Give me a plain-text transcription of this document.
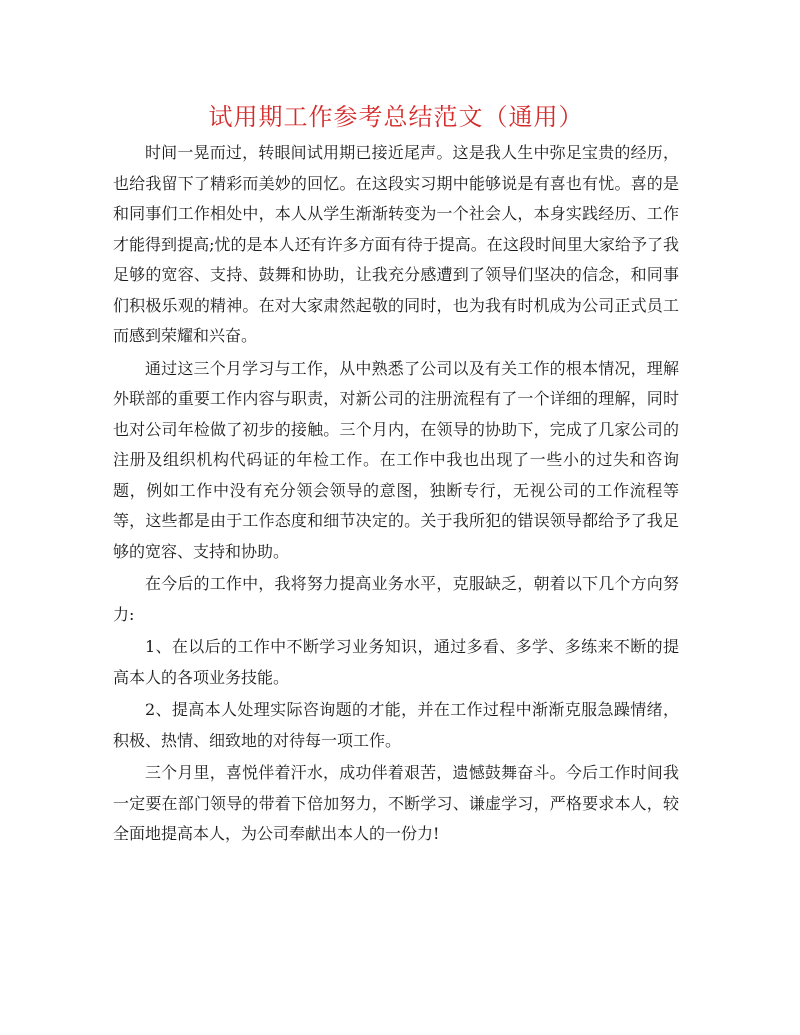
试用期工作参考总结范文（通用）

时间一晃而过，转眼间试用期已接近尾声。这是我人生中弥足宝贵的经历，也给我留下了精彩而美妙的回忆。在这段实习期中能够说是有喜也有忧。喜的是和同事们工作相处中，本人从学生渐渐转变为一个社会人，本身实践经历、工作才能得到提高;忧的是本人还有许多方面有待于提高。在这段时间里大家给予了我足够的宽容、支持、鼓舞和协助，让我充分感遭到了领导们坚决的信念，和同事们积极乐观的精神。在对大家肃然起敬的同时，也为我有时机成为公司正式员工而感到荣耀和兴奋。

通过这三个月学习与工作，从中熟悉了公司以及有关工作的根本情况，理解外联部的重要工作内容与职责，对新公司的注册流程有了一个详细的理解，同时也对公司年检做了初步的接触。三个月内，在领导的协助下，完成了几家公司的注册及组织机构代码证的年检工作。在工作中我也出现了一些小的过失和咨询题，例如工作中没有充分领会领导的意图，独断专行，无视公司的工作流程等等，这些都是由于工作态度和细节决定的。关于我所犯的错误领导都给予了我足够的宽容、支持和协助。

在今后的工作中，我将努力提高业务水平，克服缺乏，朝着以下几个方向努力:

1、在以后的工作中不断学习业务知识，通过多看、多学、多练来不断的提高本人的各项业务技能。

2、提高本人处理实际咨询题的才能，并在工作过程中渐渐克服急躁情绪，积极、热情、细致地的对待每一项工作。

三个月里，喜悦伴着汗水，成功伴着艰苦，遗憾鼓舞奋斗。今后工作时间我一定要在部门领导的带着下倍加努力，不断学习、谦虚学习，严格要求本人，较全面地提高本人，为公司奉献出本人的一份力!
